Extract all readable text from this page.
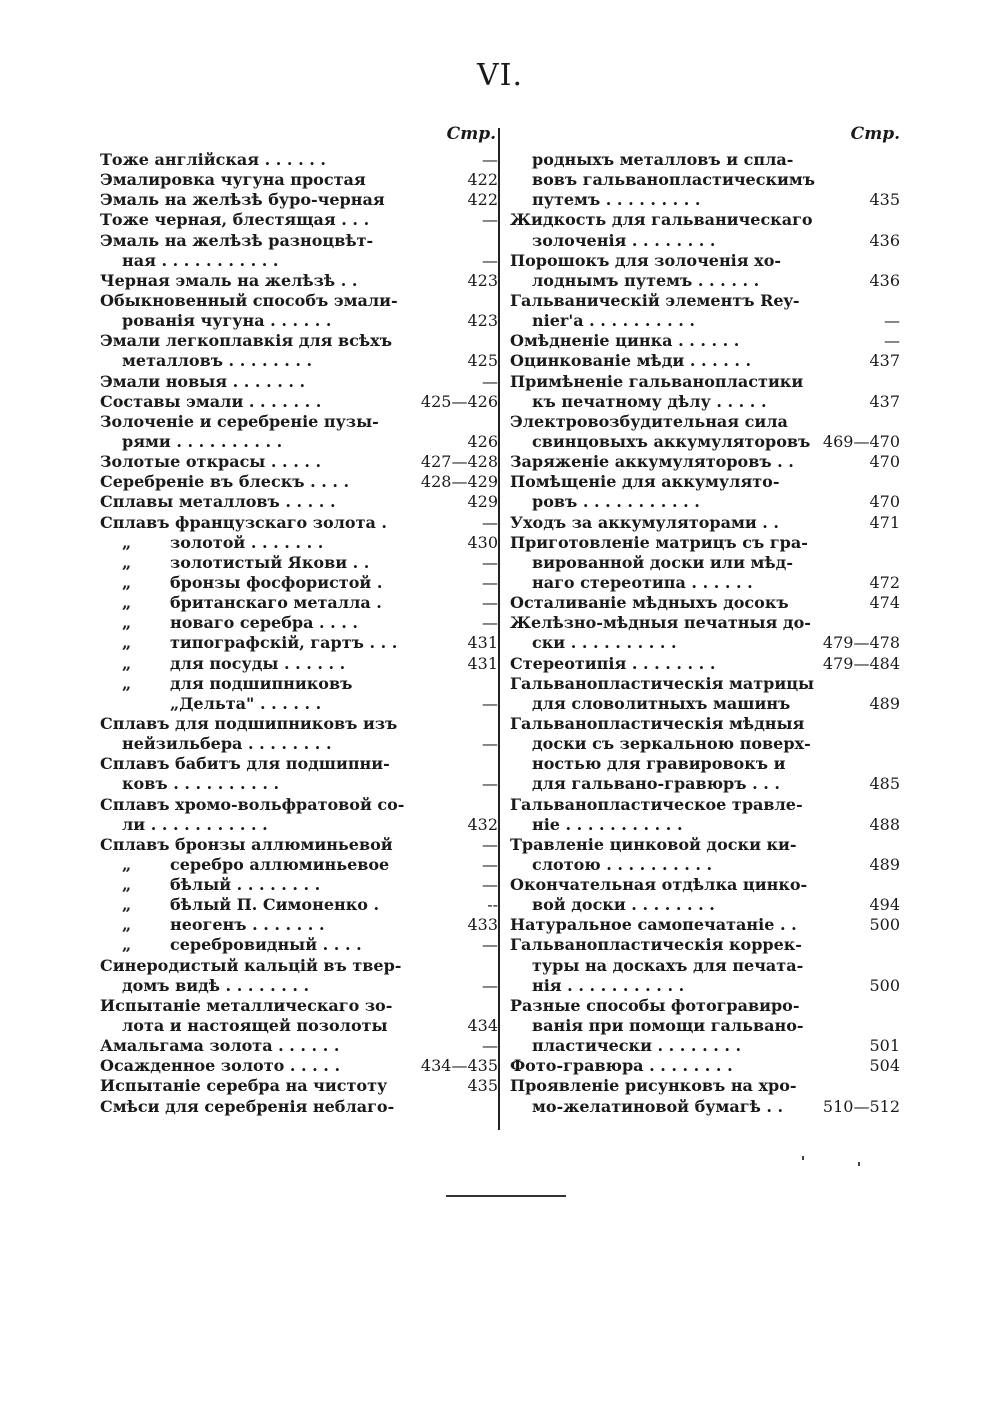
VI.
Стр.
Тоже англійская . . . . . .	—
Эмалировка чугуна простая	422
Эмаль на желѣзѣ буро-черная	422
Тоже черная, блестящая . . .	—
Эмаль на желѣзѣ разноцвѣт-
ная . . . . . . . . . . .	—
Черная эмаль на желѣзѣ . .	423
Обыкновенный способъ эмали-
рованія чугуна . . . . . .	423
Эмали легкоплавкія для всѣхъ
металловъ . . . . . . . .	425
Эмали новыя . . . . . . .	—
Составы эмали . . . . . . .	425—426
Золоченіе и серебреніе пузы-
рями . . . . . . . . . .	426
Золотые открасы . . . . .	427—428
Серебреніе въ блескъ . . . .	428—429
Сплавы металловъ . . . . .	429
Сплавъ французскаго золота .	—
„ золотой . . . . . . .	430
„ золотистый Якови . .	—
„ бронзы фосфористой .	—
„ британскаго металла .	—
„ новаго серебра . . . .	—
„ типографскій, гартъ . . .	431
„ для посуды . . . . . .	431
„ для подшипниковъ
„Дельта" . . . . . .	—
Сплавъ для подшипниковъ изъ
нейзильбера . . . . . . . .	—
Сплавъ бабитъ для подшипни-
ковъ . . . . . . . . . .	—
Сплавъ хромо-вольфратовой со-
ли . . . . . . . . . . .	432
Сплавъ бронзы аллюминьевой	—
„ серебро аллюминьевое	—
„ бѣлый . . . . . . . .	—
„ бѣлый П. Симоненко .	--
„ неогенъ . . . . . . .	433
„ серебровидный . . . .	—
Синеродистый кальцій въ твер-
домъ видѣ . . . . . . . .	—
Испытаніе металлическаго зо-
лота и настоящей позолоты	434
Амальгама золота . . . . . .	—
Осажденное золото . . . . .	434—435
Испытаніе серебра на чистоту	435
Смѣси для серебренія неблаго-
Стр.
родныхъ металловъ и спла-
вовъ гальванопластическимъ
путемъ . . . . . . . . .	435
Жидкость для гальваническаго
золоченія . . . . . . . .	436
Порошокъ для золоченія хо-
лоднымъ путемъ . . . . . .	436
Гальваническій элементъ Rey-
nier'а . . . . . . . . . .	—
Омѣдненіе цинка . . . . . .	—
Оцинкованіе мѣди . . . . . .	437
Примѣненіе гальванопластики
къ печатному дѣлу . . . . .	437
Электровозбудительная сила
свинцовыхъ аккумуляторовъ 469—470
Заряженіе аккумуляторовъ . .	470
Помѣщеніе для аккумулято-
ровъ . . . . . . . . . . .	470
Уходъ за аккумуляторами . .	471
Приготовленіе матрицъ съ гра-
вированной доски или мѣд-
наго стереотипа . . . . . .	472
Осталиваніе мѣдныхъ досокъ	474
Желѣзно-мѣдныя печатныя до-
ски . . . . . . . . . .	479—478
Стереотипія . . . . . . . .	479—484
Гальванопластическія матрицы
для словолитныхъ машинъ	489
Гальванопластическія мѣдныя
доски съ зеркальною поверх-
ностью для гравировокъ и
для гальвано-гравюръ . . .	485
Гальванопластическое травле-
ніе . . . . . . . . . . .	488
Травленіе цинковой доски ки-
слотою . . . . . . . . . .	489
Окончательная отдѣлка цинко-
вой доски . . . . . . . .	494
Натуральное самопечатаніе . .	500
Гальванопластическія коррек-
туры на доскахъ для печата-
нія . . . . . . . . . . .	500
Разные способы фотогравиро-
ванія при помощи гальвано-
пластически . . . . . . . .	501
Фото-гравюра . . . . . . . .	504
Проявленіе рисунковъ на хро-
мо-желатиновой бумагѣ . . 510—512
